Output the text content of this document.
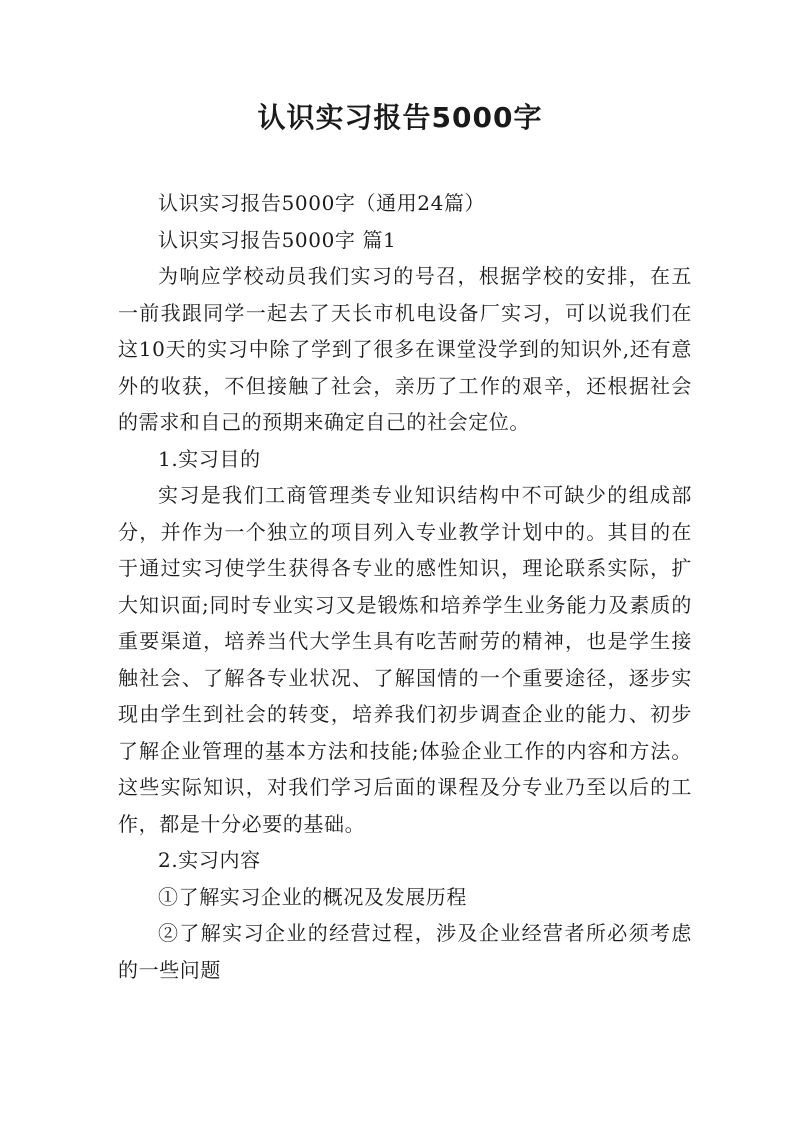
认识实习报告5000字

认识实习报告5000字（通用24篇）

认识实习报告5000字 篇1

为响应学校动员我们实习的号召，根据学校的安排，在五一前我跟同学一起去了天长市机电设备厂实习，可以说我们在这10天的实习中除了学到了很多在课堂没学到的知识外,还有意外的收获，不但接触了社会，亲历了工作的艰辛，还根据社会的需求和自己的预期来确定自己的社会定位。

1.实习目的

实习是我们工商管理类专业知识结构中不可缺少的组成部分，并作为一个独立的项目列入专业教学计划中的。其目的在于通过实习使学生获得各专业的感性知识，理论联系实际，扩大知识面;同时专业实习又是锻炼和培养学生业务能力及素质的重要渠道，培养当代大学生具有吃苦耐劳的精神，也是学生接触社会、了解各专业状况、了解国情的一个重要途径，逐步实现由学生到社会的转变，培养我们初步调查企业的能力、初步了解企业管理的基本方法和技能;体验企业工作的内容和方法。这些实际知识，对我们学习后面的课程及分专业乃至以后的工作，都是十分必要的基础。

2.实习内容

①了解实习企业的概况及发展历程

②了解实习企业的经营过程，涉及企业经营者所必须考虑的一些问题
